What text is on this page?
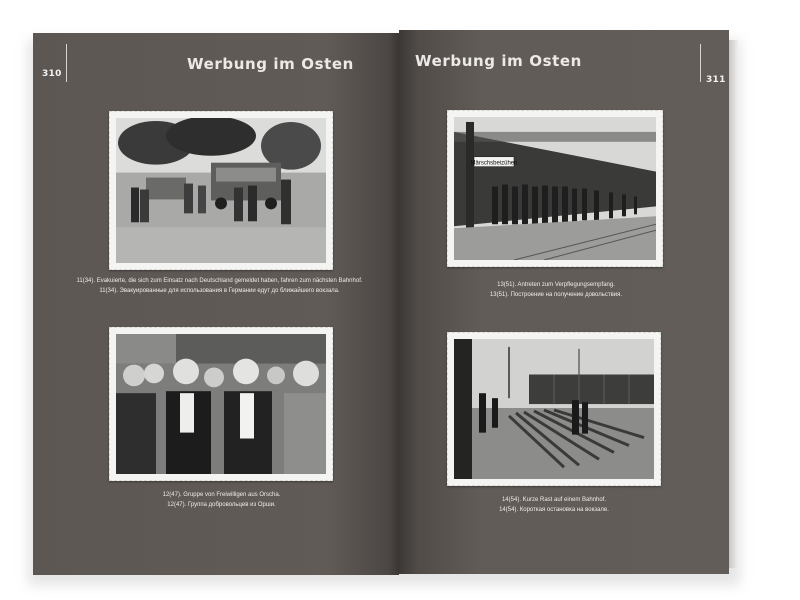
310
Werbung im Osten
11(34). Evakuierte, die sich zum Einsatz nach Deutschland gemeldet haben, fahren zum nächsten Bahnhof.
11(34). Эвакуированные для использования в Германии едут до ближайшего вокзала.
12(47). Gruppe von Freiwilligen aus Orscha.
12(47). Группа добровольцев из Орши.
Werbung im Osten
311
Märschsbeizühen
13(51). Antreten zum Verpflegungsempfang.
13(51). Построение на получение довольствия.
14(54). Kurze Rast auf einem Bahnhof.
14(54). Короткая остановка на вокзале.
